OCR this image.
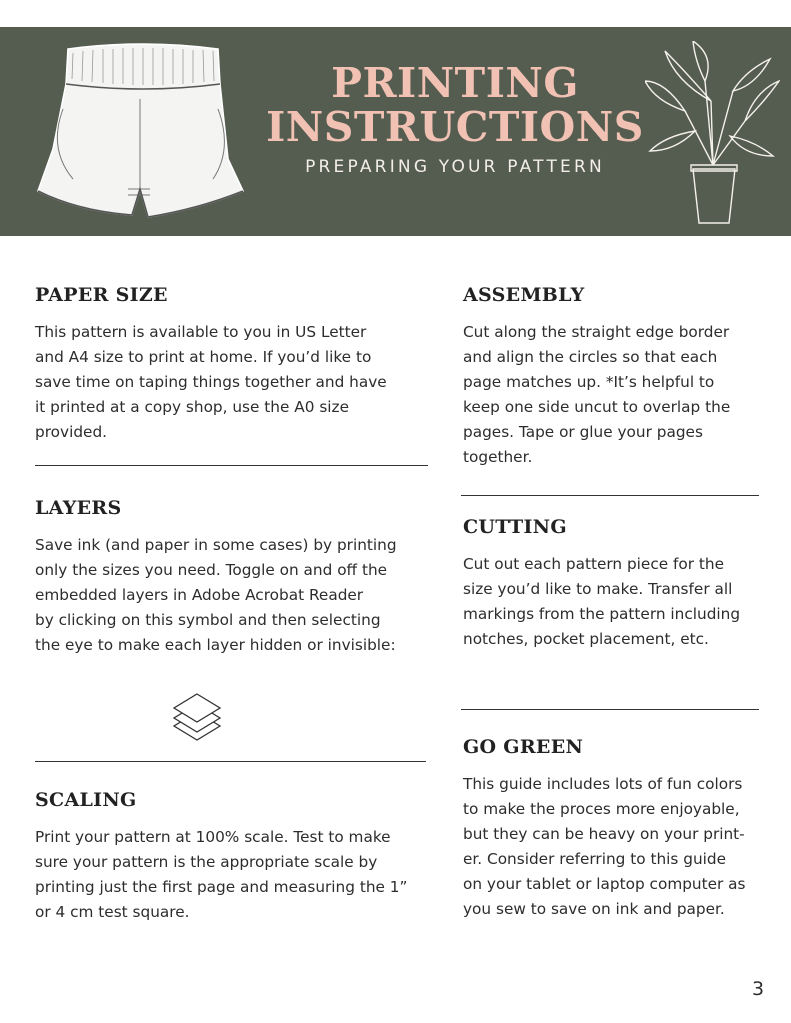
PRINTING
INSTRUCTIONS
PREPARING YOUR PATTERN
PAPER SIZE

This pattern is available to you in US Letter
and A4 size to print at home. If you’d like to
save time on taping things together and have
it printed at a copy shop, use the A0 size
provided.

LAYERS

Save ink (and paper in some cases) by printing
only the sizes you need. Toggle on and off the
embedded layers in Adobe Acrobat Reader
by clicking on this symbol and then selecting
the eye to make each layer hidden or invisible:

SCALING

Print your pattern at 100% scale. Test to make
sure your pattern is the appropriate scale by
printing just the first page and measuring the 1”
or 4 cm test square.

ASSEMBLY

Cut along the straight edge border
and align the circles so that each
page matches up. *It’s helpful to
keep one side uncut to overlap the
pages. Tape or glue your pages
together.

CUTTING

Cut out each pattern piece for the
size you’d like to make. Transfer all
markings from the pattern including
notches, pocket placement, etc.

GO GREEN

This guide includes lots of fun colors
to make the proces more enjoyable,
but they can be heavy on your print-
er. Consider referring to this guide
on your tablet or laptop computer as
you sew to save on ink and paper.

3
